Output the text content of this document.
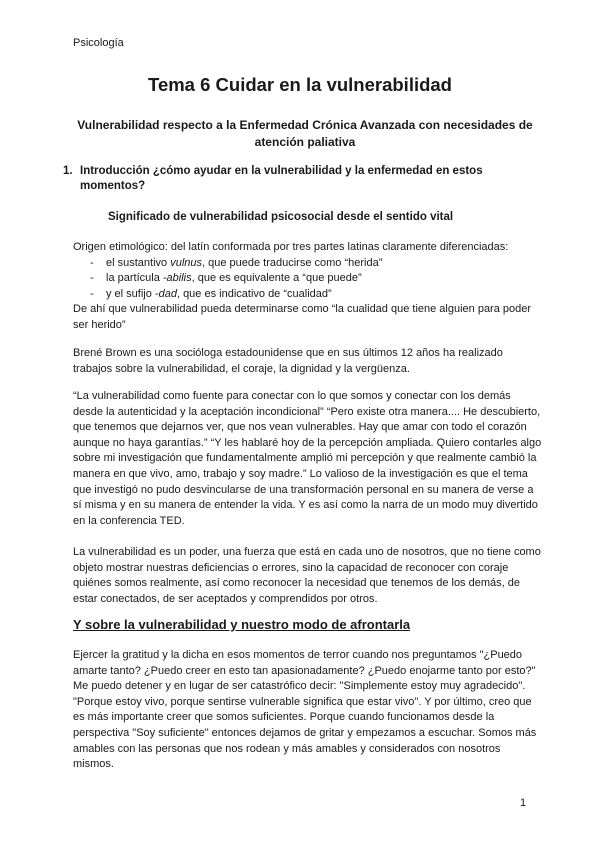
Psicología
Tema 6 Cuidar en la vulnerabilidad
Vulnerabilidad respecto a la Enfermedad Crónica Avanzada con necesidades de atención paliativa
1. Introducción ¿cómo ayudar en la vulnerabilidad y la enfermedad en estos momentos?
Significado de vulnerabilidad psicosocial desde el sentido vital

Origen etimológico: del latín conformada por tres partes latinas claramente diferenciadas:

- el sustantivo vulnus, que puede traducirse como “herida”
- la partícula -abilis, que es equivalente a “que puede”
- y el sufijo -dad, que es indicativo de “cualidad”

De ahí que vulnerabilidad pueda determinarse como “la cualidad que tiene alguien para poder ser herido”

Brené Brown es una socióloga estadounidense que en sus últimos 12 años ha realizado trabajos sobre la vulnerabilidad, el coraje, la dignidad y la vergüenza.
“La vulnerabilidad como fuente para conectar con lo que somos y conectar con los demás desde la autenticidad y la aceptación incondicional” “Pero existe otra manera.... He descubierto, que tenemos que dejarnos ver, que nos vean vulnerables. Hay que amar con todo el corazón aunque no haya garantías.” “Y les hablaré hoy de la percepción ampliada. Quiero contarles algo sobre mi investigación que fundamentalmente amplió mi percepción y que realmente cambió la manera en que vivo, amo, trabajo y soy madre.” Lo valioso de la investigación es que el tema que investigó no pudo desvincularse de una transformación personal en su manera de verse a sí misma y en su manera de entender la vida. Y es así como la narra de un modo muy divertido en la conferencia TED.
La vulnerabilidad es un poder, una fuerza que está en cada uno de nosotros, que no tiene como objeto mostrar nuestras deficiencias o errores, sino la capacidad de reconocer con coraje quiénes somos realmente, así como reconocer la necesidad que tenemos de los demás, de estar conectados, de ser aceptados y comprendidos por otros.
Y sobre la vulnerabilidad y nuestro modo de afrontarla
Ejercer la gratitud y la dicha en esos momentos de terror cuando nos preguntamos "¿Puedo amarte tanto? ¿Puedo creer en esto tan apasionadamente? ¿Puedo enojarme tanto por esto?" Me puedo detener y en lugar de ser catastrófico decir: "Simplemente estoy muy agradecido". "Porque estoy vivo, porque sentirse vulnerable significa que estar vivo". Y por último, creo que es más importante creer que somos suficientes. Porque cuando funcionamos desde la perspectiva "Soy suficiente" entonces dejamos de gritar y empezamos a escuchar. Somos más amables con las personas que nos rodean y más amables y considerados con nosotros mismos.
1
